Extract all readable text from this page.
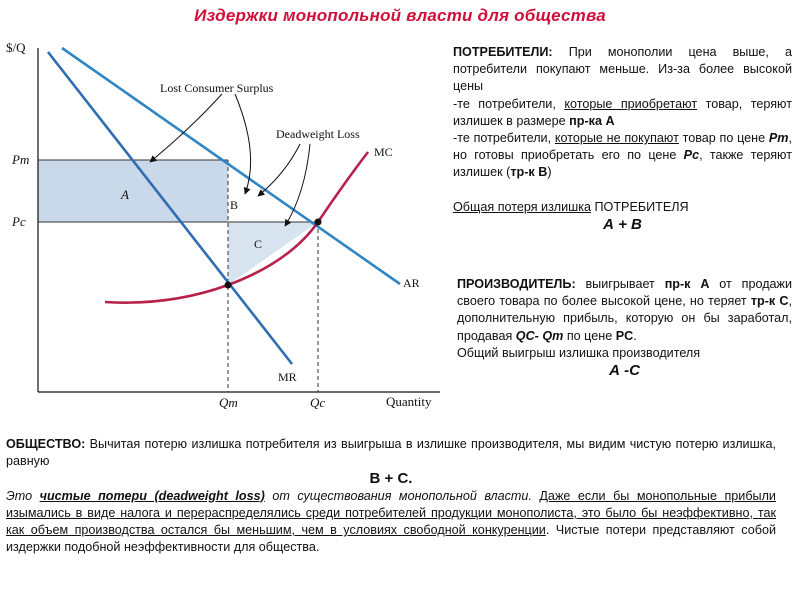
Издержки монопольной власти для общества
$/Q
Quantity
Pm
Pc
Qm	Qc
A
B
C
MC
AR
MR
Lost Consumer Surplus
Deadweight Loss

ПОТРЕБИТЕЛИ: При монополии цена выше, а потребители покупают меньше. Из-за более высокой цены

-те потребители, которые приобретают товар, теряют излишек в размере пр-ка А

-те потребители, которые не покупают товар по цене Pm, но готовы приобретать его по цене Pc, также теряют излишек (тр-к В)

Общая потеря излишка ПОТРЕБИТЕЛЯ

А + В

ПРОИЗВОДИТЕЛЬ: выигрывает пр-к А от продажи своего товара по более высокой цене, но теряет тр-к С, дополнительную прибыль, которую он бы заработал, продавая QC- Qm по цене PC.

Общий выигрыш излишка производителя

А -С

ОБЩЕСТВО: Вычитая потерю излишка потребителя из выигрыша в излишке производителя, мы видим чистую потерю излишка, равную

В + С.

Это чистые потери (deadweight loss) от существования монопольной власти. Даже если бы монопольные прибыли изымались в виде налога и перераспределялись среди потребителей продукции монополиста, это было бы неэффективно, так как объем производства остался бы меньшим, чем в условиях свободной конкуренции. Чистые потери представляют собой издержки подобной неэффективности для общества.
